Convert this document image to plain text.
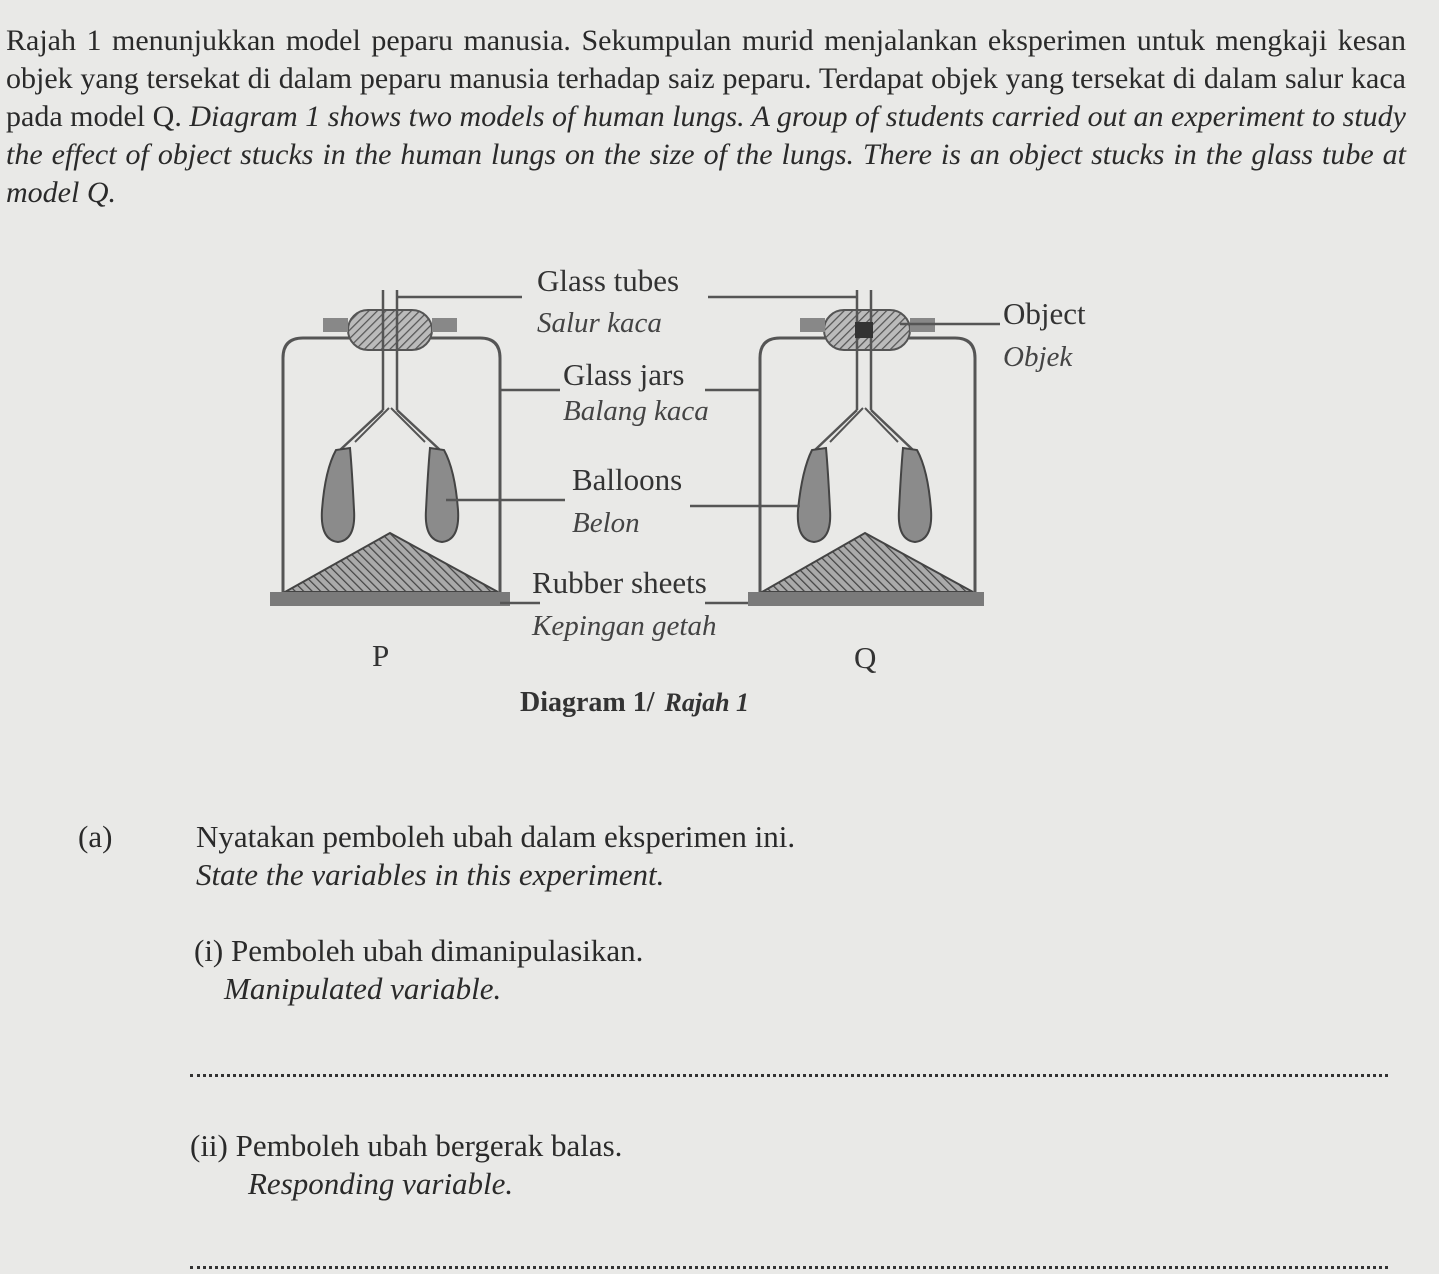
Rajah 1 menunjukkan model peparu manusia. Sekumpulan murid menjalankan eksperimen untuk mengkaji kesan objek yang tersekat di dalam peparu manusia terhadap saiz peparu. Terdapat objek yang tersekat di dalam salur kaca pada model Q. Diagram 1 shows two models of human lungs. A group of students carried out an experiment to study the effect of object stucks in the human lungs on the size of the lungs. There is an object stucks in the glass tube at model Q.
Glass tubes
Salur kaca
Glass jars
Balang kaca
Balloons
Belon
Rubber sheets
Kepingan getah
Object
Objek
P	Q
Diagram 1/ Rajah 1
(a)	Nyatakan pemboleh ubah dalam eksperimen ini.
State the variables in this experiment.
(i) Pemboleh ubah dimanipulasikan.
Manipulated variable.
(ii) Pemboleh ubah bergerak balas.
Responding variable.
